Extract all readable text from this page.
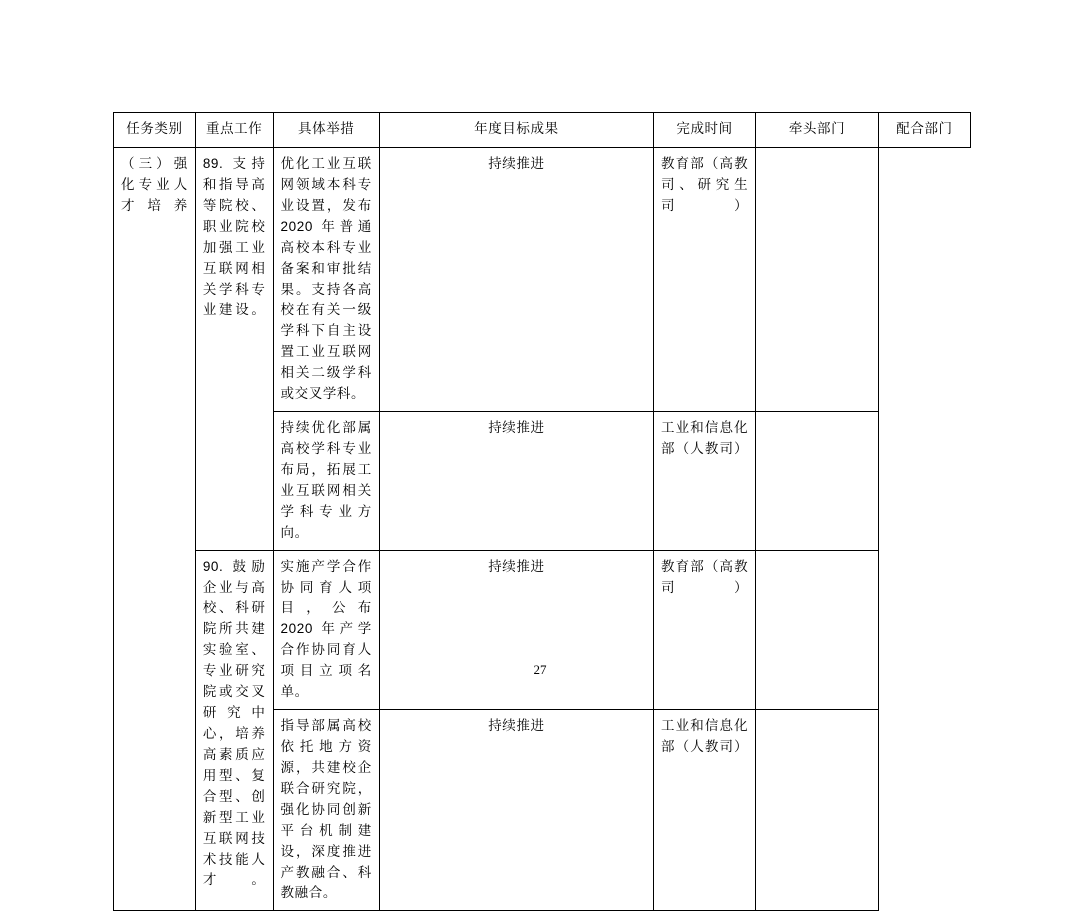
任务类别	重点工作	具体举措	年度目标成果	完成时间	牵头部门	配合部门
（三）强化专业人才培养	89. 支持和指导高等院校、职业院校加强工业互联网相关学科专业建设。	优化工业互联网领域本科专业设置，发布 2020 年普通高校本科专业备案和审批结果。支持各高校在有关一级学科下自主设置工业互联网相关二级学科或交叉学科。	持续推进	教育部（高教司、研究生司）		
		持续优化部属高校学科专业布局，拓展工业互联网相关学科专业方向。	持续推进	工业和信息化部（人教司）		
	90. 鼓励企业与高校、科研院所共建实验室、专业研究院或交叉研究中心，培养高素质应用型、复合型、创新型工业互联网技术技能人才。	实施产学合作协同育人项目，公布 2020 年产学合作协同育人项目立项名单。	持续推进	教育部（高教司）		
		指导部属高校依托地方资源，共建校企联合研究院，强化协同创新平台机制建设，深度推进产教融合、科教融合。	持续推进	工业和信息化部（人教司）		
27
